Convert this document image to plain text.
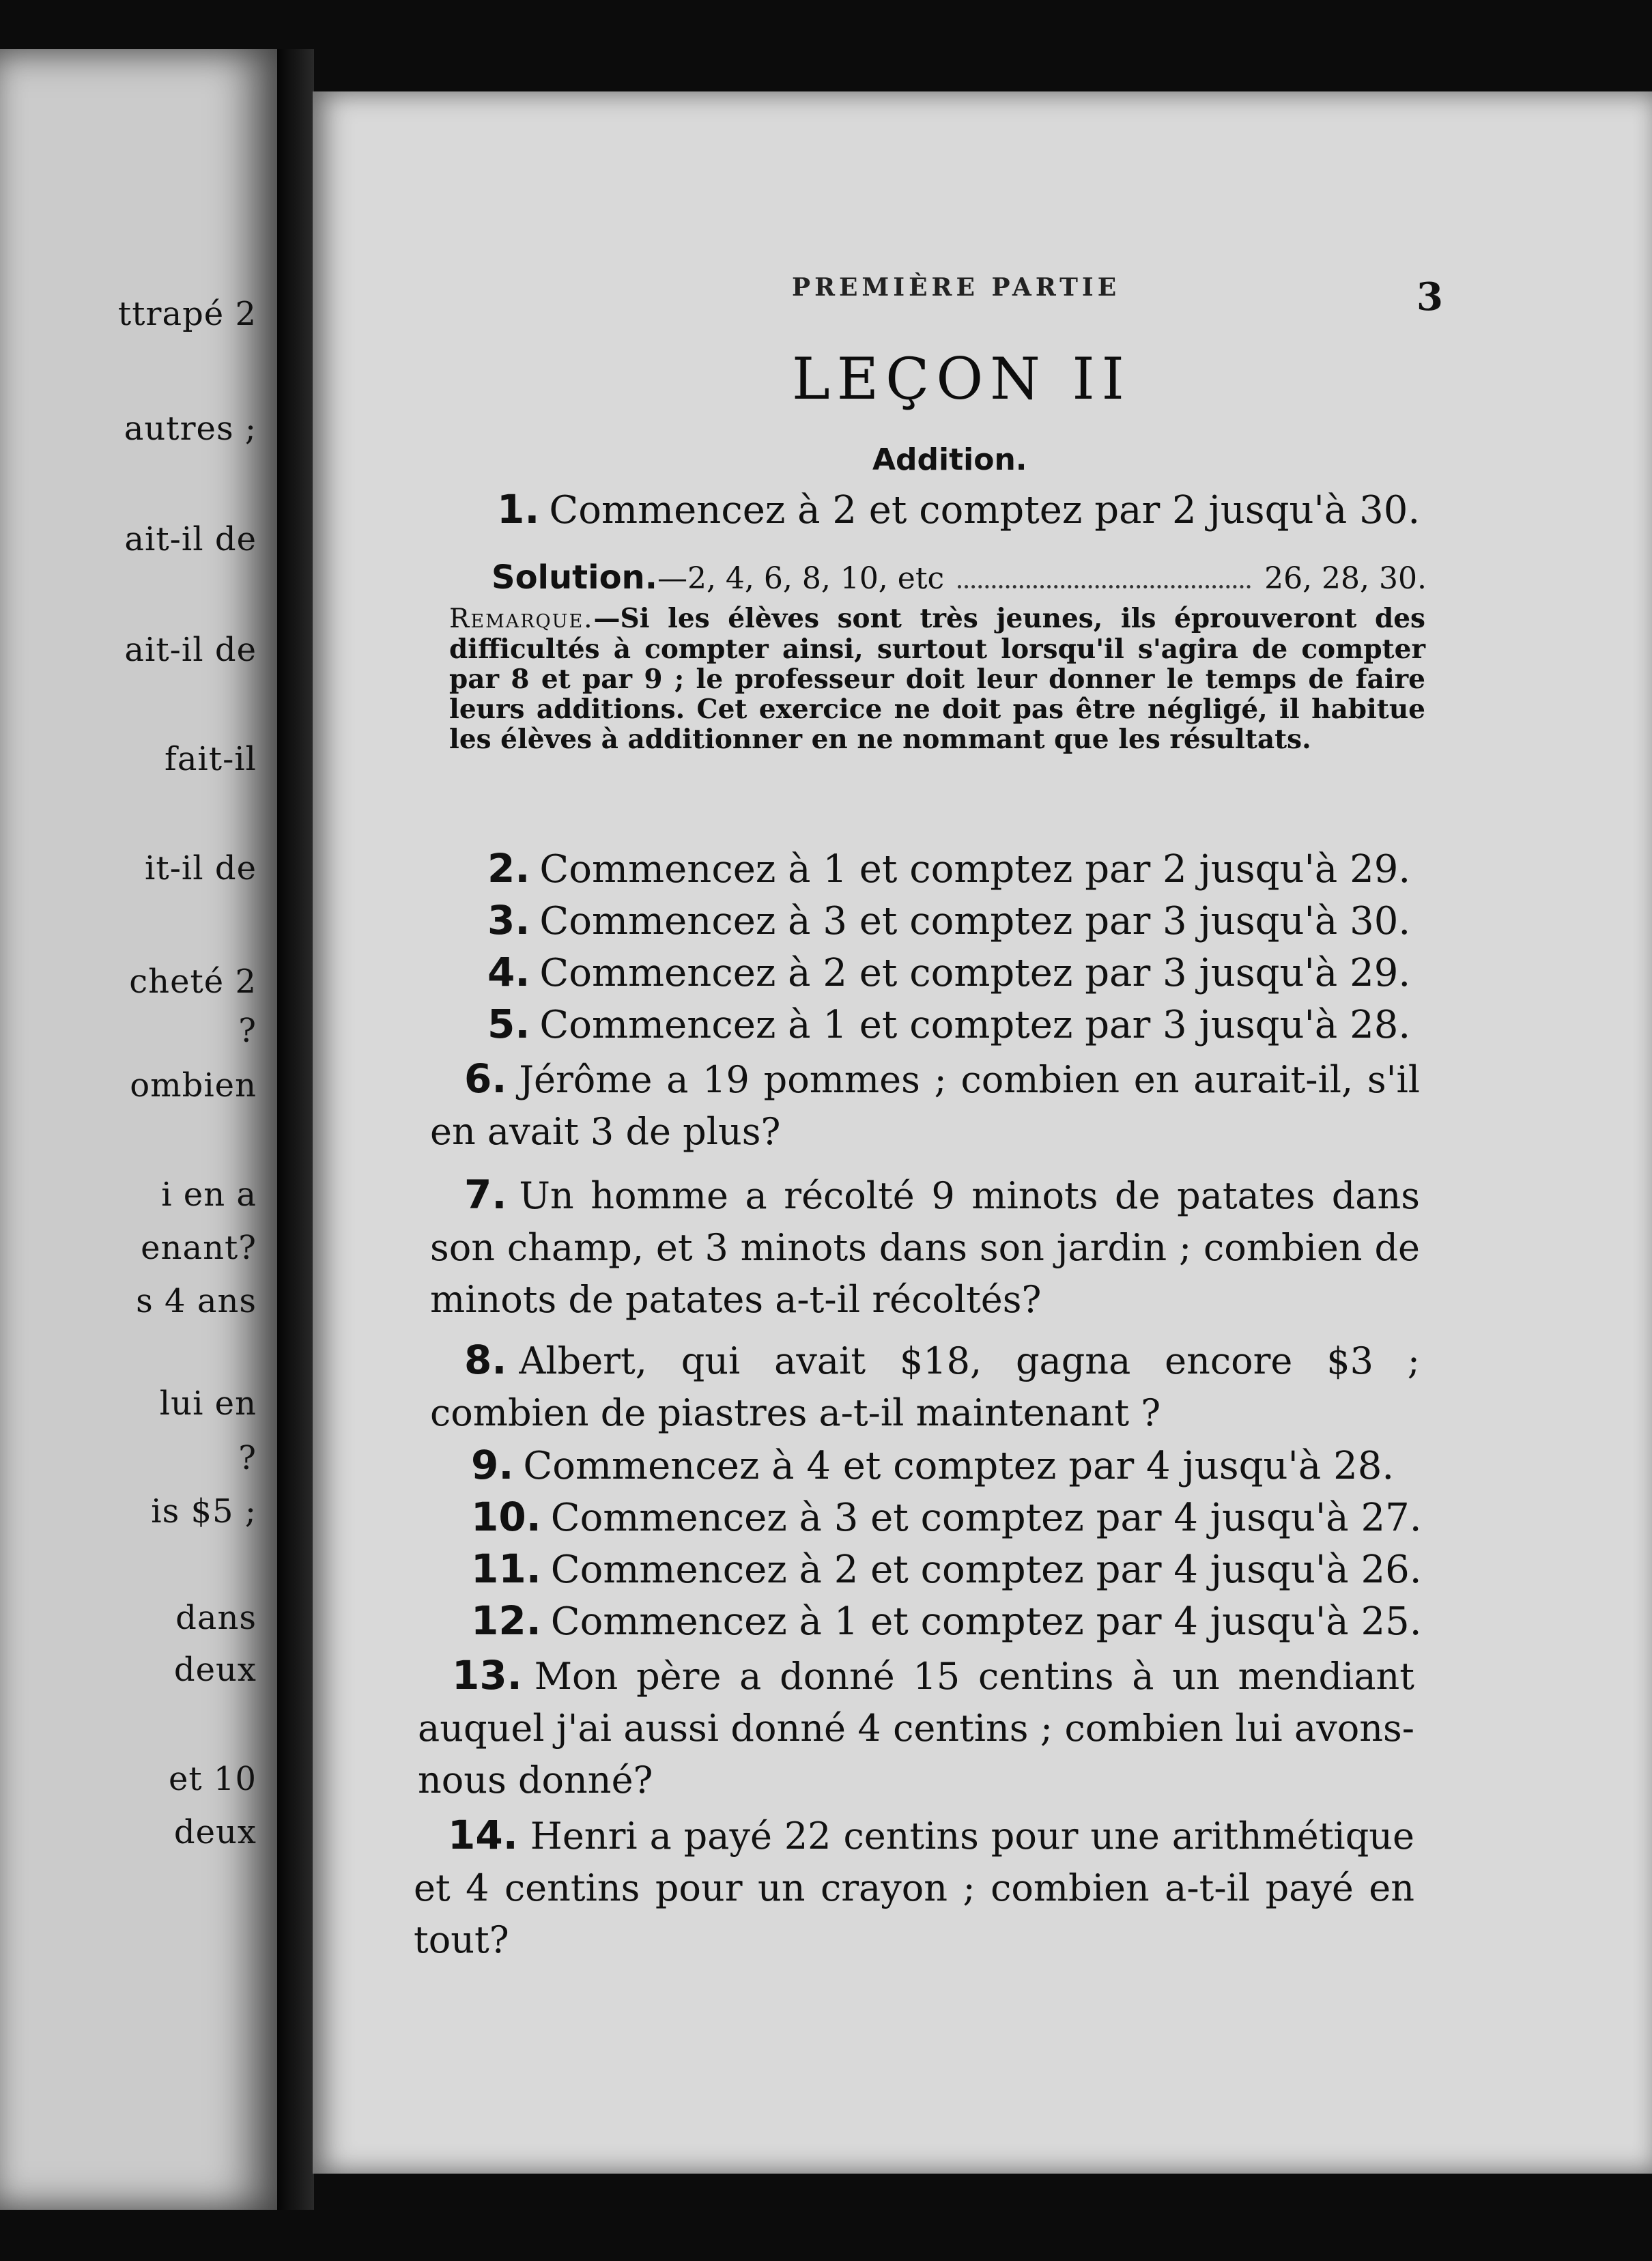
ttrapé 2
autres ;
ait-il de
ait-il de
fait-il
it-il de
cheté 2
?
ombien
i en a
enant?
s 4 ans
lui en
?
is $5 ;
dans
deux
et 10
deux
PREMIÈRE PARTIE	3
LEÇON II
Addition.
1. Commencez à 2 et comptez par 2 jusqu'à 30.
Solution. —2, 4, 6, 8, 10, etc	26, 28, 30.
Remarque.—Si les élèves sont très jeunes, ils éprouveront des difficultés à compter ainsi, surtout lorsqu'il s'agira de compter par 8 et par 9 ; le professeur doit leur donner le temps de faire leurs additions. Cet exercice ne doit pas être négligé, il habitue les élèves à additionner en ne nommant que les résultats.
2. Commencez à 1 et comptez par 2 jusqu'à 29.
3. Commencez à 3 et comptez par 3 jusqu'à 30.
4. Commencez à 2 et comptez par 3 jusqu'à 29.
5. Commencez à 1 et comptez par 3 jusqu'à 28.
6. Jérôme a 19 pommes ; combien en aurait-il, s'il en avait 3 de plus?
7. Un homme a récolté 9 minots de patates dans son champ, et 3 minots dans son jardin ; combien de minots de patates a-t-il récoltés?
8. Albert, qui avait $18, gagna encore $3 ; combien de piastres a-t-il maintenant ?
9. Commencez à 4 et comptez par 4 jusqu'à 28.
10. Commencez à 3 et comptez par 4 jusqu'à 27.
11. Commencez à 2 et comptez par 4 jusqu'à 26.
12. Commencez à 1 et comptez par 4 jusqu'à 25.
13. Mon père a donné 15 centins à un mendiant auquel j'ai aussi donné 4 centins ; combien lui avons-nous donné?
14. Henri a payé 22 centins pour une arithmétique et 4 centins pour un crayon ; combien a-t-il payé en tout?
